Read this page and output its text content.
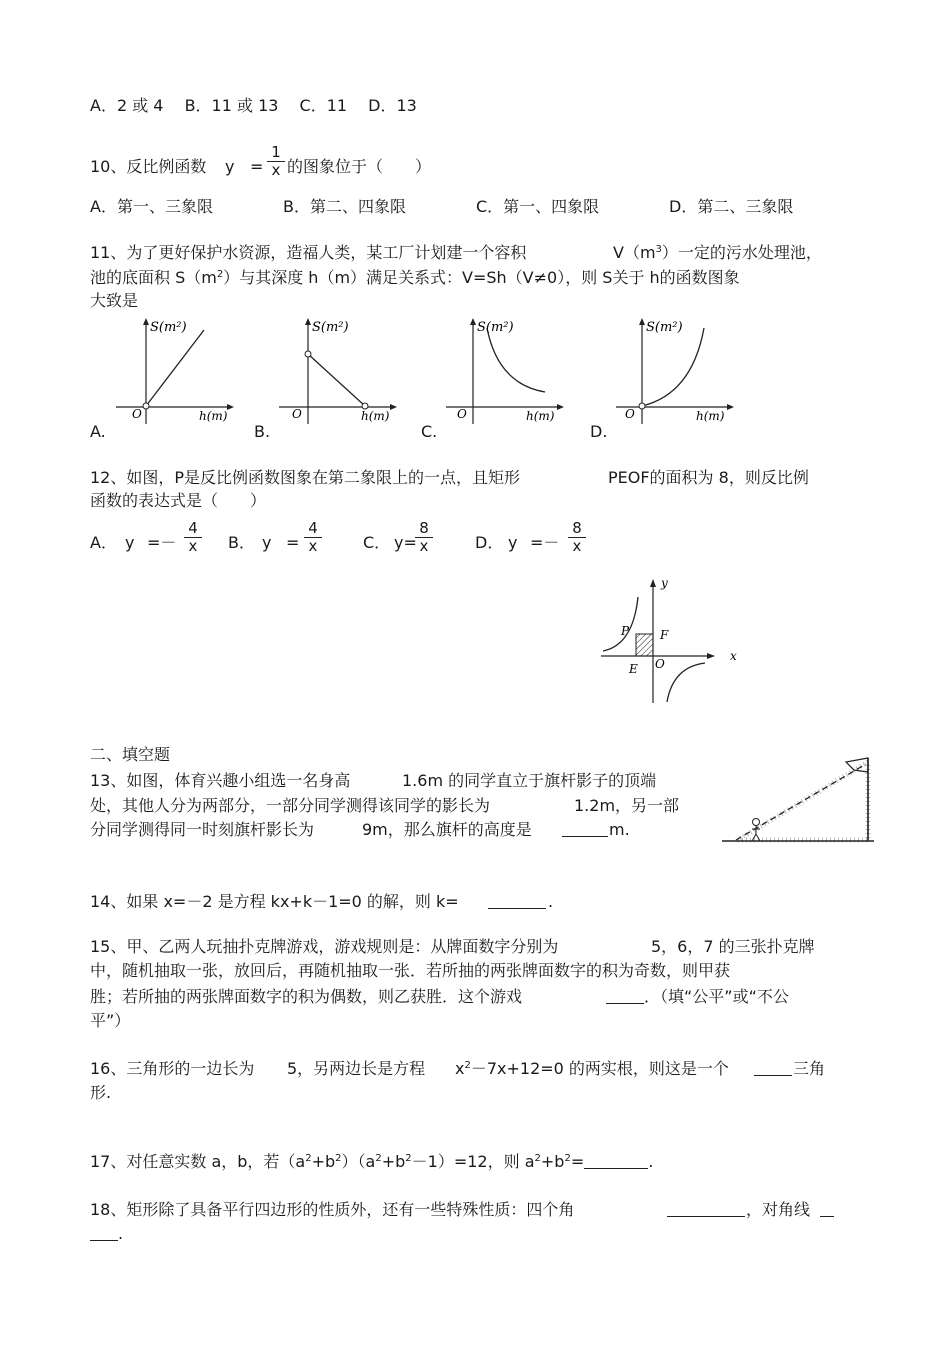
A．2 或 4　 B．11 或 13　 C．11　 D．13
10、反比例函数 $y = \frac{1}{x}$ 的图象位于（　　）
A．第一、三象限	B．第二、四象限	C．第一、四象限	D．第二、三象限
11、为了更好保护水资源，造福人类，某工厂计划建一个容积	$V(m^3)$一定的污水处理池，
池的底面积 $S(m^2)$与其深度 h（m）满足关系式：V=Sh（V≠0），则 S关于 h的函数图象
大致是
S(m²)
h(m)
O
A.
S(m²)
h(m)
O
B.
S(m²)
h(m)
O
C.
S(m²)
h(m)
O
D.
12、如图，P是反比例函数图象在第二象限上的一点，且矩形	PEOF的面积为 8，则反比例
函数的表达式是（　　）
A． $y =- \frac{4}{x}$ B． $y = \frac{4}{x}$	C． y=
$\frac{8}{x}$	D． $y =- \frac{8}{x}$
P	F
E O
x
y
二、填空题
13、如图，体育兴趣小组选一名身高	1.6m 的同学直立于旗杆影子的顶端
处，其他人分为两部分，一部分同学测得该同学的影长为	1.2m，另一部
分同学测得同一时刻旗杆影长为	9m，那么旗杆的高度是	m.
14、如果 x=－2 是方程 kx+k－1=0 的解，则 k=	.
15、甲、乙两人玩抽扑克牌游戏，游戏规则是：从牌面数字分别为	5，6，7 的三张扑克牌
中，随机抽取一张，放回后，再随机抽取一张．若所抽的两张牌面数字的积为奇数，则甲获
胜；若所抽的两张牌面数字的积为偶数，则乙获胜．这个游戏	．（填“公平”或“不公
平”）
16、三角形的一边长为 5，另两边长是方程 $x^2-7x+12=0$ 的两实根，则这是一个	三角
形.
17、对任意实数 a，b，若$(a^2+b^2)(a^2+b^2-1)=12$，则 $a^2+b^2=$	.
18、矩形除了具备平行四边形的性质外，还有一些特殊性质：四个角	，对角线
.
